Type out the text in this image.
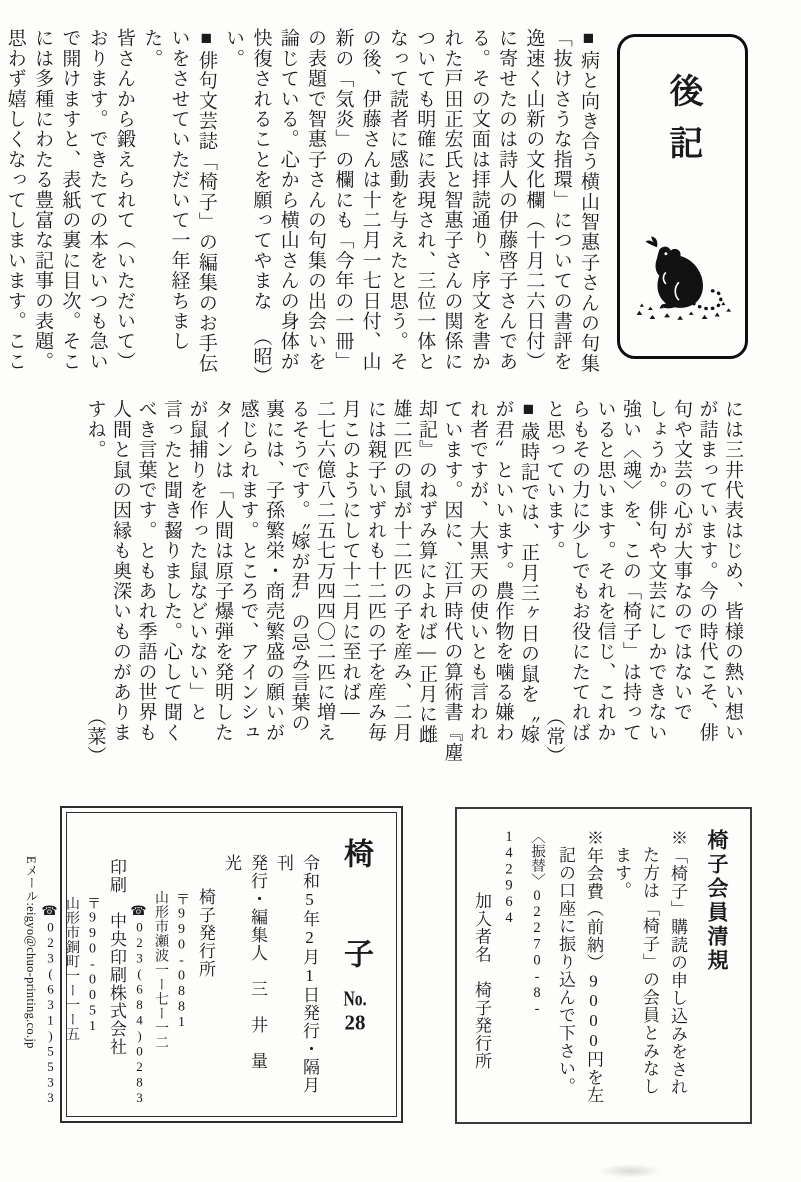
後記
■病と向き合う横山智惠子さんの句集
「抜けさうな指環」についての書評を
逸速く山新の文化欄（十月二六日付）
に寄せたのは詩人の伊藤啓子さんであ
る。その文面は拝読通り、序文を書か
れた戸田正宏氏と智惠子さんの関係に
ついても明確に表現され、三位一体と
なって読者に感動を与えたと思う。そ
の後、伊藤さんは十二月一七日付、山
新の「気炎」の欄にも「今年の一冊」
の表題で智惠子さんの句集の出会いを
論じている。心から横山さんの身体が
快復されることを願ってやまない。
（昭）
■俳句文芸誌「椅子」の編集のお手伝
いをさせていただいて一年経ちました。
皆さんから鍛えられて（いただいて）
おります。できたての本をいつも急い
で開けますと、表紙の裏に目次。そこ
には多種にわたる豊富な記事の表題。
思わず嬉しくなってしまいます。ここ
には三井代表はじめ、皆様の熱い想い
が詰まっています。今の時代こそ、俳
句や文芸の心が大事なのではないで
しょうか。俳句や文芸にしかできない
強い〈魂〉を、この「椅子」は持って
いると思います。それを信じ、これか
らもその力に少しでもお役にたてれば
と思っています。
（常）
■歳時記では、正月三ヶ日の鼠を〝嫁
が君〟といいます。農作物を噛る嫌わ
れ者ですが、大黒天の使いとも言われ
ています。因に、江戸時代の算術書『塵
却記』のねずみ算によれば―正月に雌
雄二匹の鼠が十二匹の子を産み、二月
には親子いずれも十二匹の子を産み毎
月このようにして十二月に至れば―
二七六億八二五七万四四〇二匹に増え
るそうです。〝嫁が君〟の忌み言葉の
裏には、子孫繁栄・商売繁盛の願いが
感じられます。ところで、アインシュ
タインは「人間は原子爆弾を発明した
が鼠捕りを作った鼠などいない」と
言ったと聞き齧りました。心して聞く
べき言葉です。ともあれ季語の世界も
人間と鼠の因縁も奥深いものがありま
すね。
（菜）
椅子会員清規
※「椅子」購読の申し込みをされ
た方は「椅子」の会員とみなし
ます。
※年会費（前納）9000円を左
記の口座に振り込んで下さい。
〈振替〉02270-8-142964
加入者名　椅子発行所
椅　子No.28
令和5年2月1日発行・隔月刊
発行・編集人　三　井　量　光
椅子発行所
〒990-0881
山形市瀬波一ー七ー一二
☎023(684)0283
印刷　中央印刷株式会社
〒990-0051
山形市銅町一ー一ー五
☎023(631)5533
Eメール:eigyo@chuo-printing.co.jp
